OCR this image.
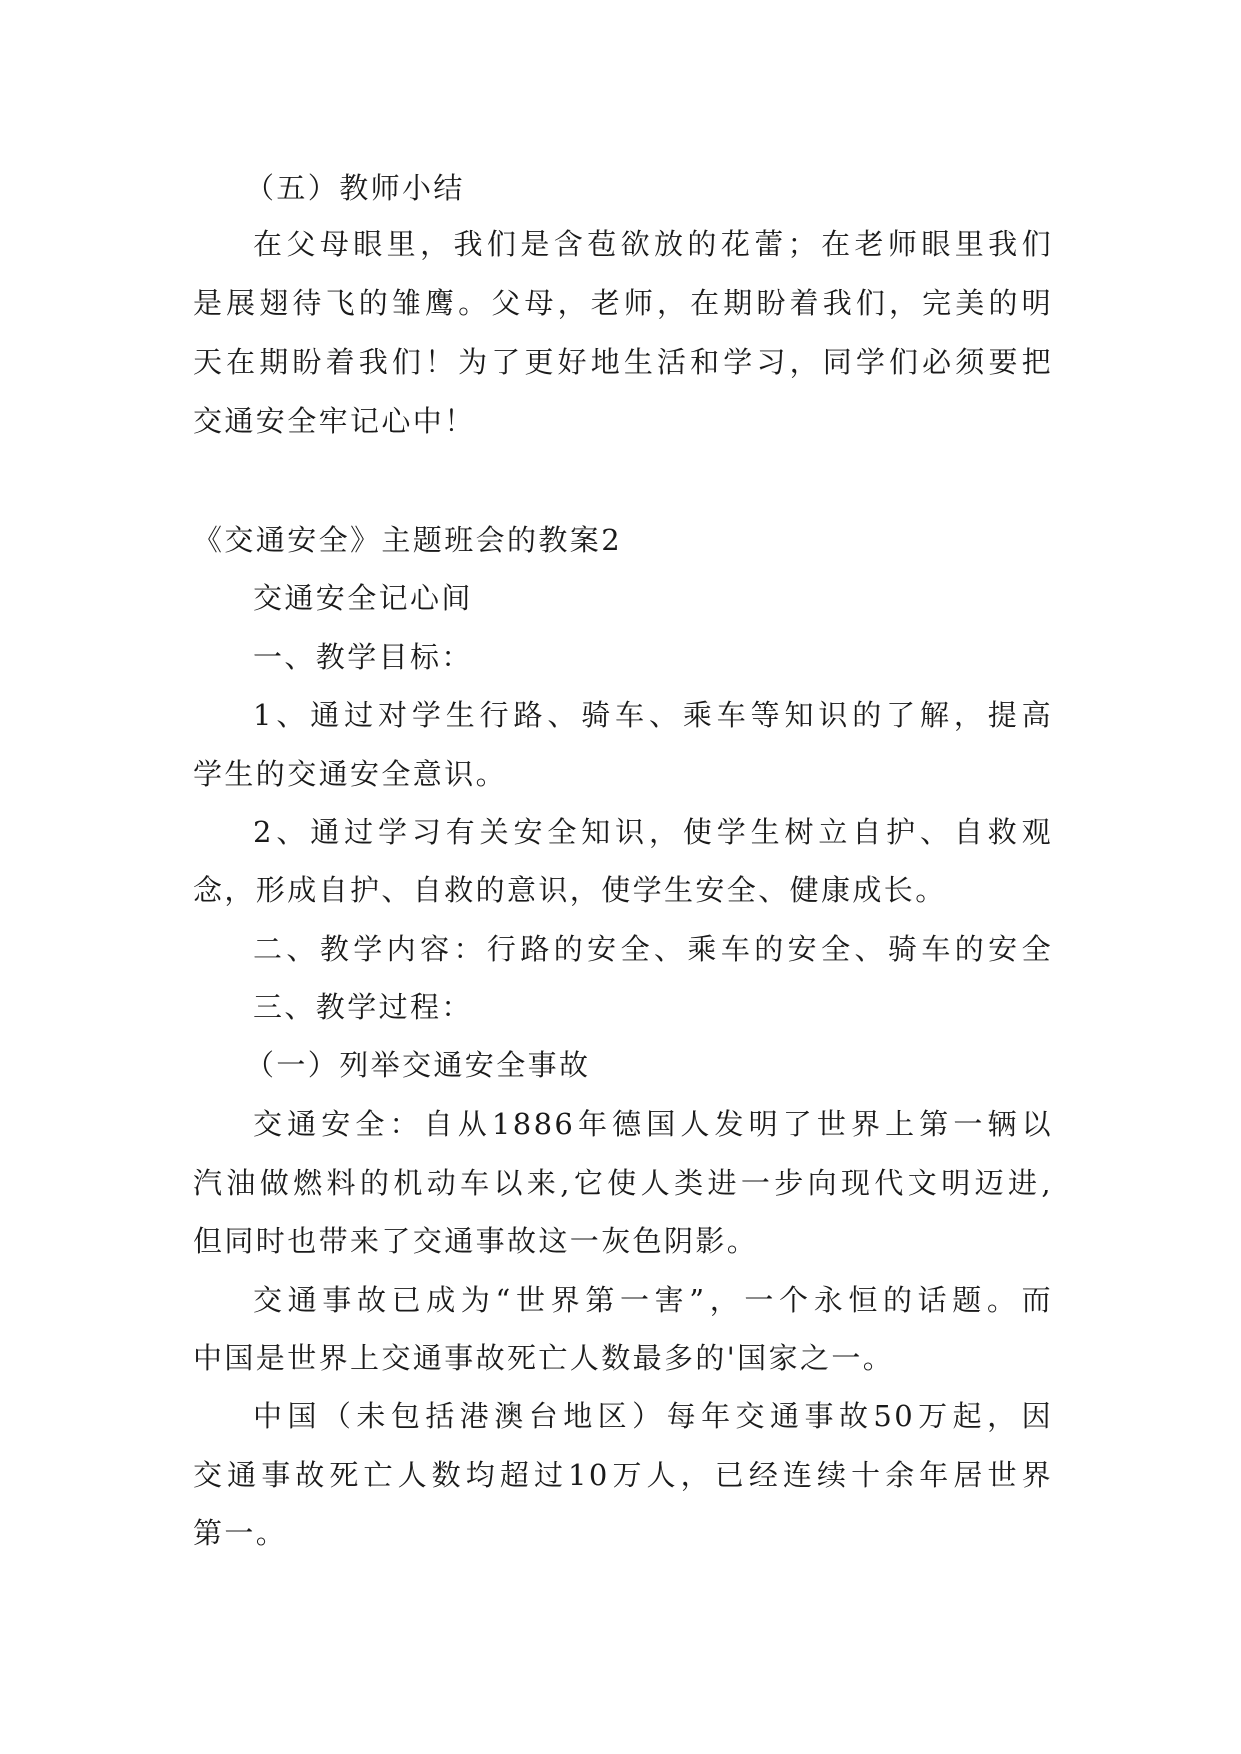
（五）教师小结
在父母眼里，我们是含苞欲放的花蕾；在老师眼里我们
是展翅待飞的雏鹰。父母，老师，在期盼着我们，完美的明
天在期盼着我们！为了更好地生活和学习，同学们必须要把
交通安全牢记心中！
《交通安全》主题班会的教案2
交通安全记心间
一、教学目标：
1、通过对学生行路、骑车、乘车等知识的了解，提高
学生的交通安全意识。
2、通过学习有关安全知识，使学生树立自护、自救观
念，形成自护、自救的意识，使学生安全、健康成长。
二、教学内容：行路的安全、乘车的安全、骑车的安全
三、教学过程：
（一）列举交通安全事故
交通安全：自从1886年德国人发明了世界上第一辆以
汽油做燃料的机动车以来,它使人类进一步向现代文明迈进,
但同时也带来了交通事故这一灰色阴影。
交通事故已成为“世界第一害”，一个永恒的话题。而
中国是世界上交通事故死亡人数最多的'国家之一。
中国（未包括港澳台地区）每年交通事故50万起，因
交通事故死亡人数均超过10万人，已经连续十余年居世界
第一。
